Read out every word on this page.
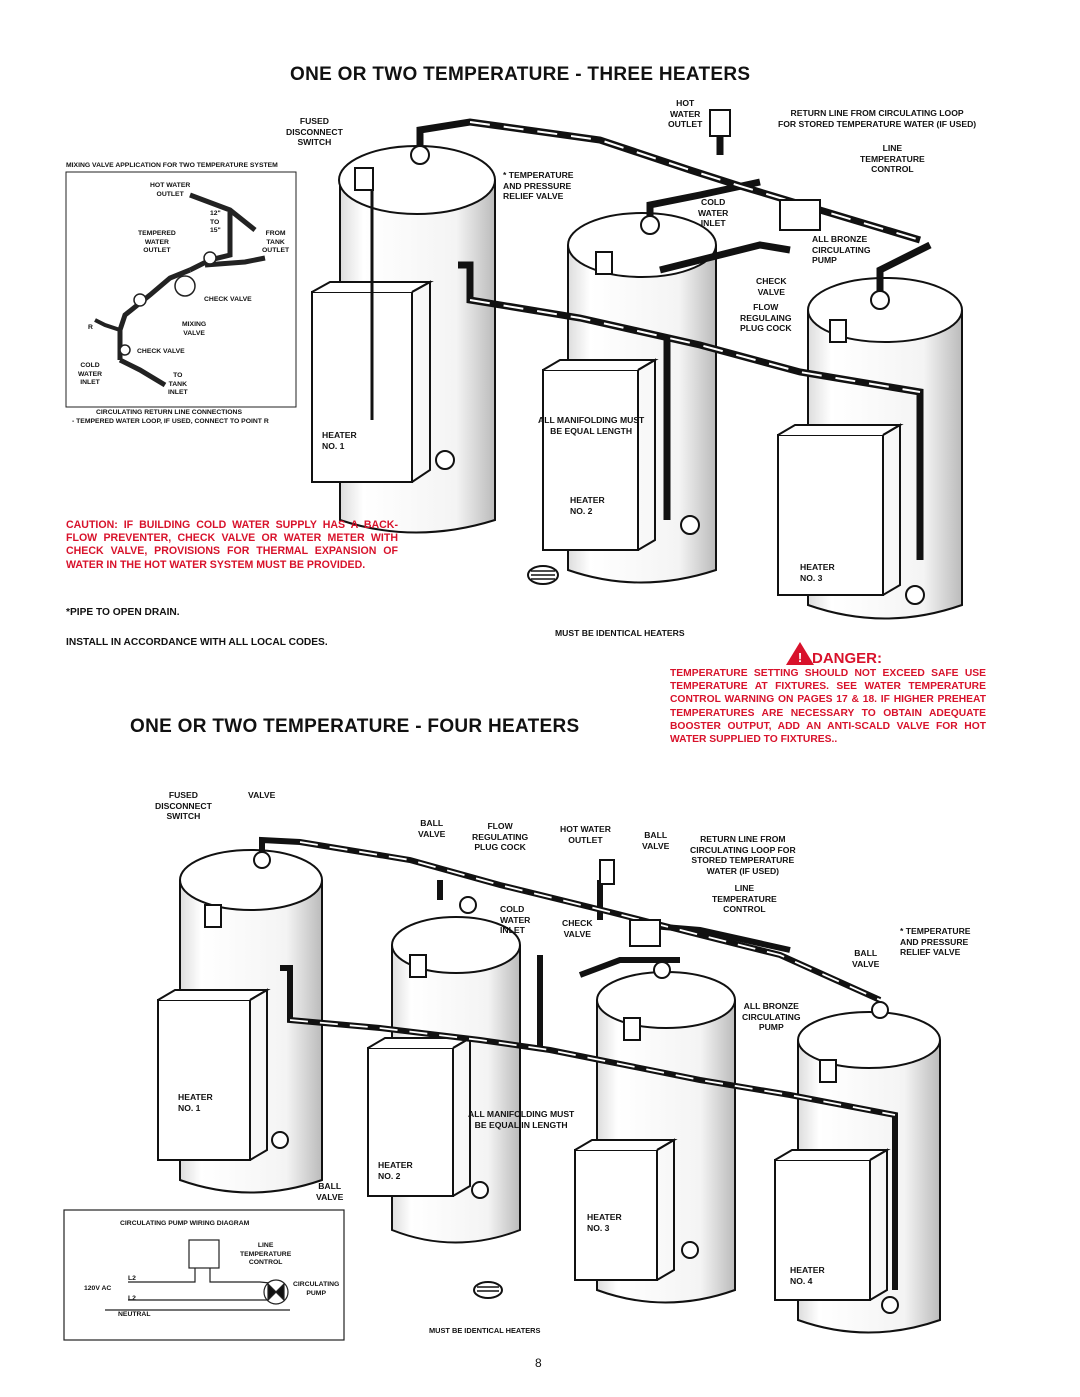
ONE OR TWO TEMPERATURE - THREE HEATERS
ONE OR TWO TEMPERATURE - FOUR HEATERS
!
FUSED
DISCONNECT
SWITCH
HOT
WATER
OUTLET
RETURN LINE FROM CIRCULATING LOOP
FOR STORED TEMPERATURE WATER (IF USED)
LINE
TEMPERATURE
CONTROL
* TEMPERATURE
AND PRESSURE
RELIEF VALVE
COLD
WATER
INLET
ALL BRONZE
CIRCULATING
PUMP
CHECK
VALVE
FLOW
REGULAING
PLUG COCK
ALL MANIFOLDING MUST
BE EQUAL LENGTH
HEATER
NO. 1
HEATER
NO. 2
HEATER
NO. 3
MUST BE IDENTICAL HEATERS
MIXING VALVE APPLICATION FOR TWO TEMPERATURE SYSTEM
HOT WATER
OUTLET
12"
TO
15"
TEMPERED
WATER
OUTLET
FROM
TANK
OUTLET
CHECK VALVE
R	MIXING
VALVE
CHECK VALVE
COLD
WATER
INLET
TO
TANK
INLET
CIRCULATING RETURN LINE CONNECTIONS
- TEMPERED WATER LOOP, IF USED, CONNECT TO POINT R
CAUTION: IF BUILDING COLD WATER SUPPLY HAS A BACK-FLOW PREVENTER, CHECK VALVE OR WATER METER WITH CHECK VALVE, PROVISIONS FOR THERMAL EXPANSION OF WATER IN THE HOT WATER SYSTEM MUST BE PROVIDED.
*PIPE TO OPEN DRAIN.
INSTALL IN ACCORDANCE WITH ALL LOCAL CODES.
DANGER:
TEMPERATURE SETTING SHOULD NOT EXCEED SAFE USE TEMPERATURE AT FIXTURES. SEE WATER TEMPERATURE CONTROL WARNING ON PAGES 17 & 18. IF HIGHER PREHEAT TEMPERATURES ARE NECESSARY TO OBTAIN ADEQUATE BOOSTER OUTPUT, ADD AN ANTI-SCALD VALVE FOR HOT WATER SUPPLIED TO FIXTURES..
FUSED
DISCONNECT
SWITCH
VALVE
BALL
VALVE
FLOW
REGULATING
PLUG COCK
HOT WATER
OUTLET	BALL
VALVE
RETURN LINE FROM
CIRCULATING LOOP FOR
STORED TEMPERATURE
WATER (IF USED)
LINE
TEMPERATURE
CONTROL
COLD
WATER
INLET
CHECK
VALVE	* TEMPERATURE
AND PRESSURE
RELIEF VALVE
BALL
VALVE
ALL BRONZE
CIRCULATING
PUMP
ALL MANIFOLDING MUST
BE EQUAL IN LENGTH
HEATER
NO. 1
HEATER
NO. 2
BALL
VALVE
HEATER
NO. 3
HEATER
NO. 4
MUST BE IDENTICAL HEATERS
CIRCULATING PUMP WIRING DIAGRAM
LINE
TEMPERATURE
CONTROL
L2
120V AC
L2
NEUTRAL
CIRCULATING
PUMP
8
